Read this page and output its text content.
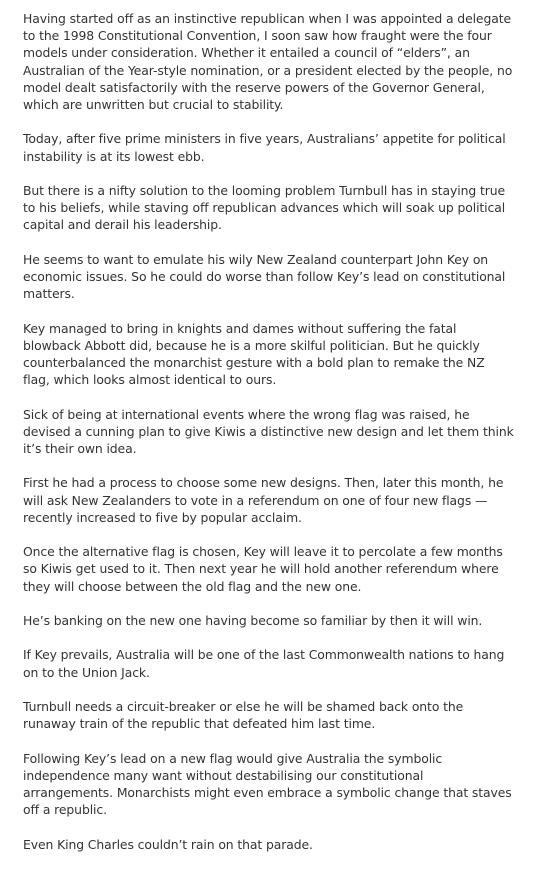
Having started off as an instinctive republican when I was appointed a delegate to the 1998 Constitutional Convention, I soon saw how fraught were the four models under consideration. Whether it entailed a council of “elders”, an Australian of the Year-style nomination, or a president elected by the people, no model dealt satisfactorily with the reserve powers of the Governor General, which are unwritten but crucial to stability.

Today, after five prime ministers in five years, Australians’ appetite for political instability is at its lowest ebb.

But there is a nifty solution to the looming problem Turnbull has in staying true to his beliefs, while staving off republican advances which will soak up political capital and derail his leadership.

He seems to want to emulate his wily New Zealand counterpart John Key on economic issues. So he could do worse than follow Key’s lead on constitutional matters.

Key managed to bring in knights and dames without suffering the fatal blowback Abbott did, because he is a more skilful politician. But he quickly counterbalanced the monarchist gesture with a bold plan to remake the NZ flag, which looks almost identical to ours.

Sick of being at international events where the wrong flag was raised, he devised a cunning plan to give Kiwis a distinctive new design and let them think it’s their own idea.

First he had a process to choose some new designs. Then, later this month, he will ask New Zealanders to vote in a referendum on one of four new flags — recently increased to five by popular acclaim.

Once the alternative flag is chosen, Key will leave it to percolate a few months so Kiwis get used to it. Then next year he will hold another referendum where they will choose between the old flag and the new one.

He’s banking on the new one having become so familiar by then it will win.

If Key prevails, Australia will be one of the last Commonwealth nations to hang on to the Union Jack.

Turnbull needs a circuit-breaker or else he will be shamed back onto the runaway train of the republic that defeated him last time.

Following Key’s lead on a new flag would give Australia the symbolic independence many want without destabilising our constitutional arrangements. Monarchists might even embrace a symbolic change that staves off a republic.

Even King Charles couldn’t rain on that parade.
